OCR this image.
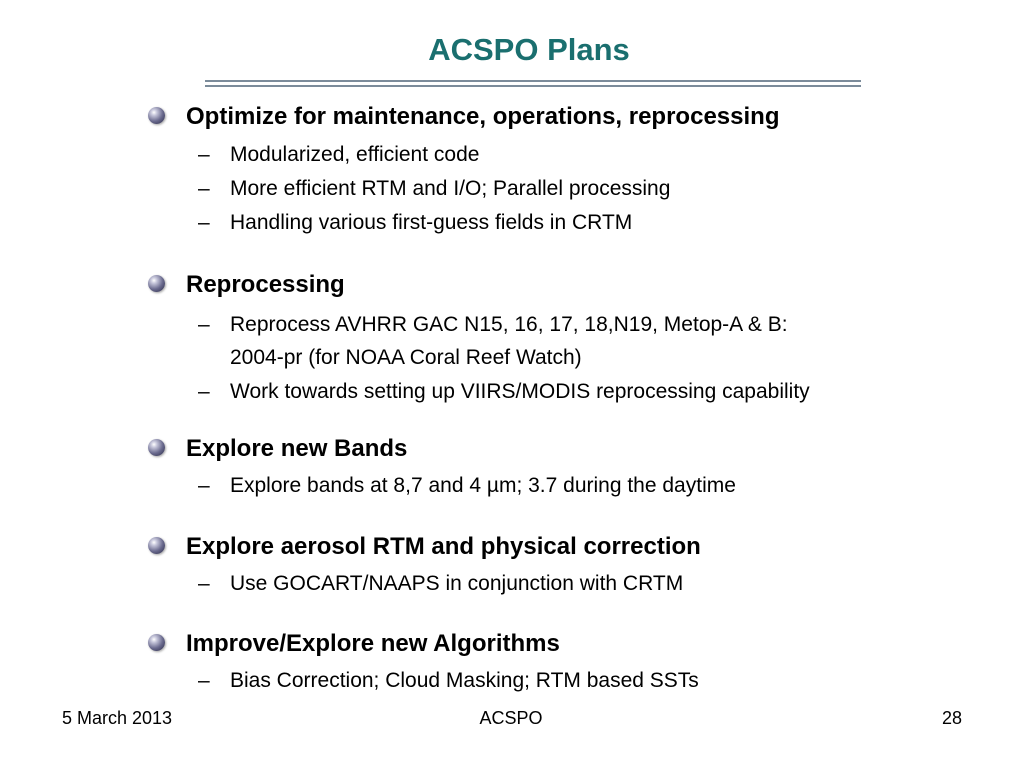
ACSPO Plans
Optimize for maintenance, operations, reprocessing
– Modularized, efficient code
– More efficient RTM and I/O; Parallel processing
– Handling various first-guess fields in CRTM
Reprocessing
– Reprocess AVHRR GAC N15, 16, 17, 18,N19, Metop-A & B:
2004-pr (for NOAA Coral Reef Watch)
– Work towards setting up VIIRS/MODIS reprocessing capability
Explore new Bands
– Explore bands at 8,7 and 4 µm; 3.7 during the daytime
Explore aerosol RTM and physical correction
– Use GOCART/NAAPS in conjunction with CRTM
Improve/Explore new Algorithms
– Bias Correction; Cloud Masking; RTM based SSTs
5 March 2013	ACSPO	28
